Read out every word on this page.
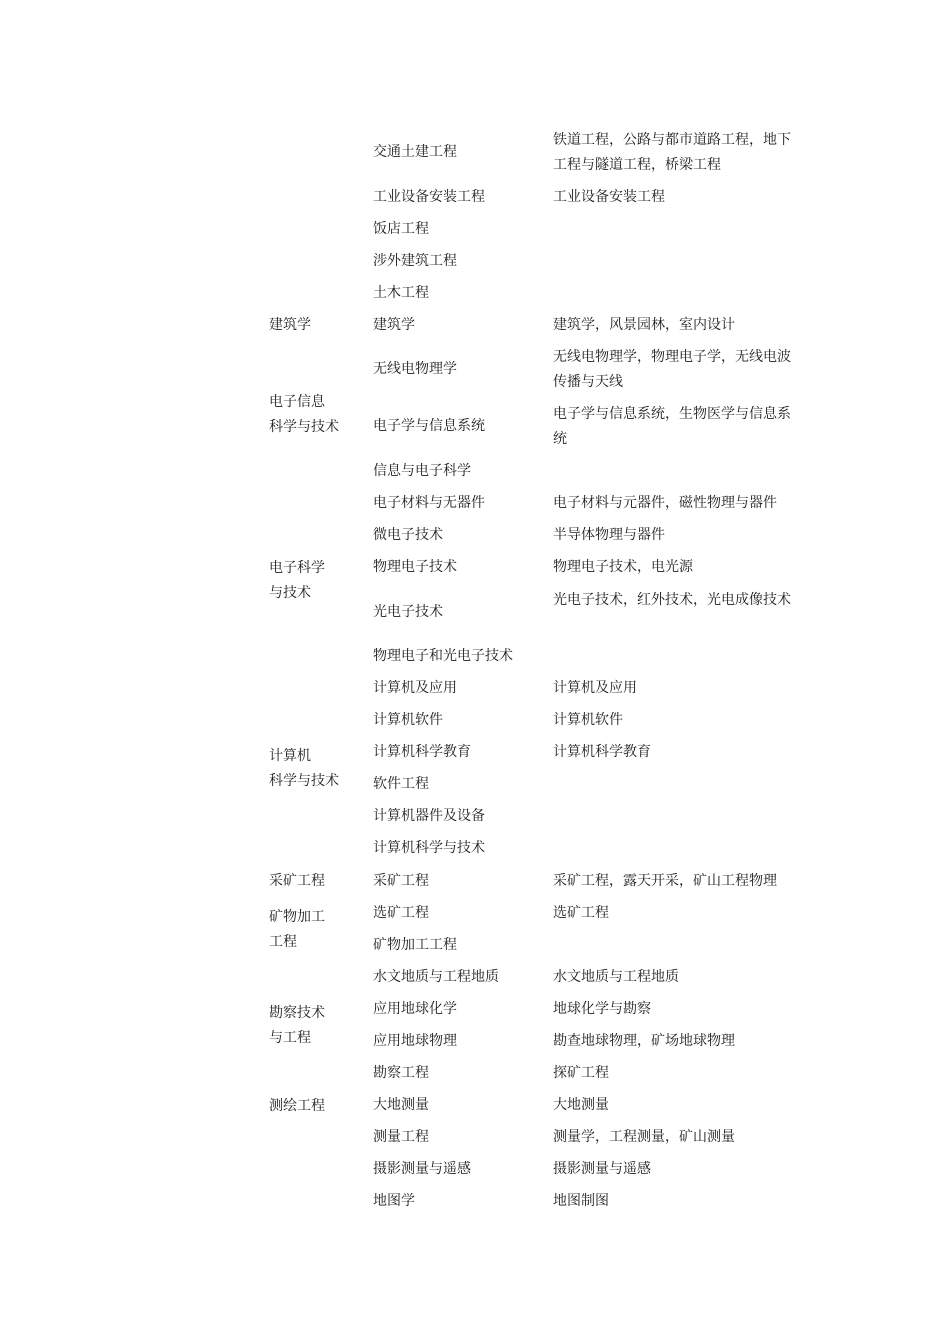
建筑学
电子信息
科学与技术
电子科学
与技术
计算机
科学与技术
采矿工程
矿物加工
工程
勘察技术
与工程
测绘工程
交通土建工程
工业设备安装工程
饭店工程
涉外建筑工程
土木工程
建筑学
无线电物理学
电子学与信息系统
信息与电子科学
电子材料与无器件
微电子技术
物理电子技术
光电子技术
物理电子和光电子技术
计算机及应用
计算机软件
计算机科学教育
软件工程
计算机器件及设备
计算机科学与技术
采矿工程
选矿工程
矿物加工工程
水文地质与工程地质
应用地球化学
应用地球物理
勘察工程
大地测量
测量工程
摄影测量与遥感
地图学
铁道工程，公路与都市道路工程，地下工程与隧道工程，桥梁工程
工业设备安装工程
建筑学，风景园林，室内设计
无线电物理学，物理电子学，无线电波传播与天线
电子学与信息系统，生物医学与信息系统
电子材料与元器件，磁性物理与器件
半导体物理与器件
物理电子技术，电光源
光电子技术，红外技术，光电成像技术
计算机及应用
计算机软件
计算机科学教育
采矿工程，露天开采，矿山工程物理
选矿工程
水文地质与工程地质
地球化学与勘察
勘查地球物理，矿场地球物理
探矿工程
大地测量
测量学，工程测量，矿山测量
摄影测量与遥感
地图制图
